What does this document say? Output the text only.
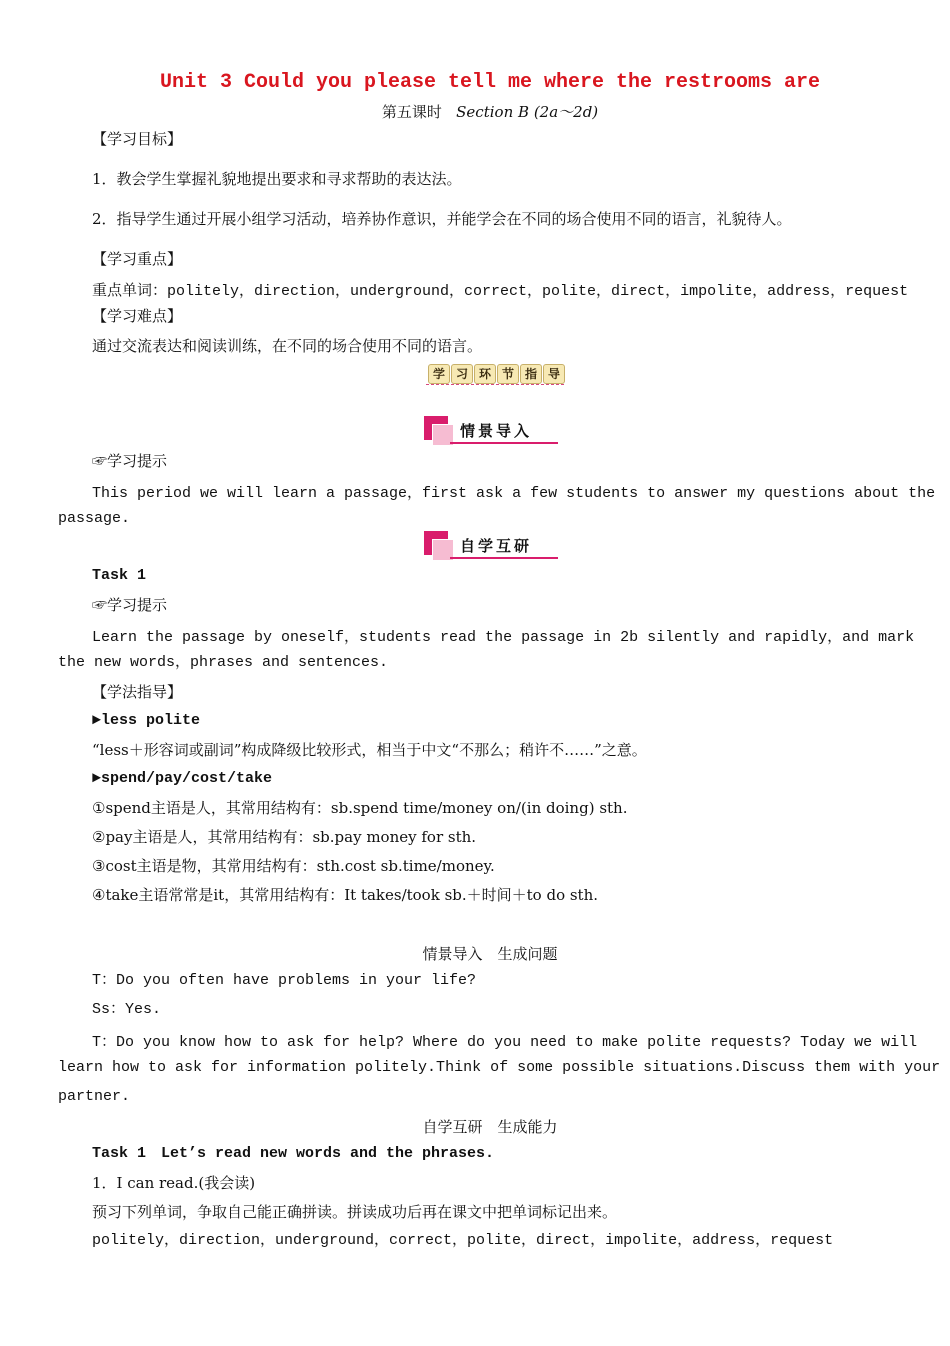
Unit 3 Could you please tell me where the restrooms are
第五课时 Section B (2a～2d)
【学习目标】
1．教会学生掌握礼貌地提出要求和寻求帮助的表达法。
2．指导学生通过开展小组学习活动，培养协作意识，并能学会在不同的场合使用不同的语言，礼貌待人。
【学习重点】
重点单词：politely，direction，underground，correct，polite，direct，impolite，address，request
【学习难点】
通过交流表达和阅读训练，在不同的场合使用不同的语言。
学 习 环 节 指 导
情景导入
☞学习提示
This period we will learn a passage，first ask a few students to answer my questions about the
passage.
自学互研
Task 1
☞学习提示
Learn the passage by oneself，students read the passage in 2b silently and rapidly，and mark
the new words，phrases and sentences.
【学法指导】
►less polite
“less＋形容词或副词”构成降级比较形式，相当于中文“不那么；稍许不……”之意。
►spend/pay/cost/take
①spend主语是人，其常用结构有：sb.spend time/money on/(in doing) sth.
②pay主语是人，其常用结构有：sb.pay money for sth.
③cost主语是物，其常用结构有：sth.cost sb.time/money.
④take主语常常是it，其常用结构有：It takes/took sb.＋时间＋to do sth.
情景导入　生成问题
T：Do you often have problems in your life?
Ss：Yes.
T：Do you know how to ask for help? Where do you need to make polite requests? Today we will
learn how to ask for information politely.Think of some possible situations.Discuss them with your
partner.
自学互研　生成能力
Task 1　Let’s read new words and the phrases.
1．I can read.(我会读)
预习下列单词，争取自己能正确拼读。拼读成功后再在课文中把单词标记出来。
politely，direction，underground，correct，polite，direct，impolite，address，request
